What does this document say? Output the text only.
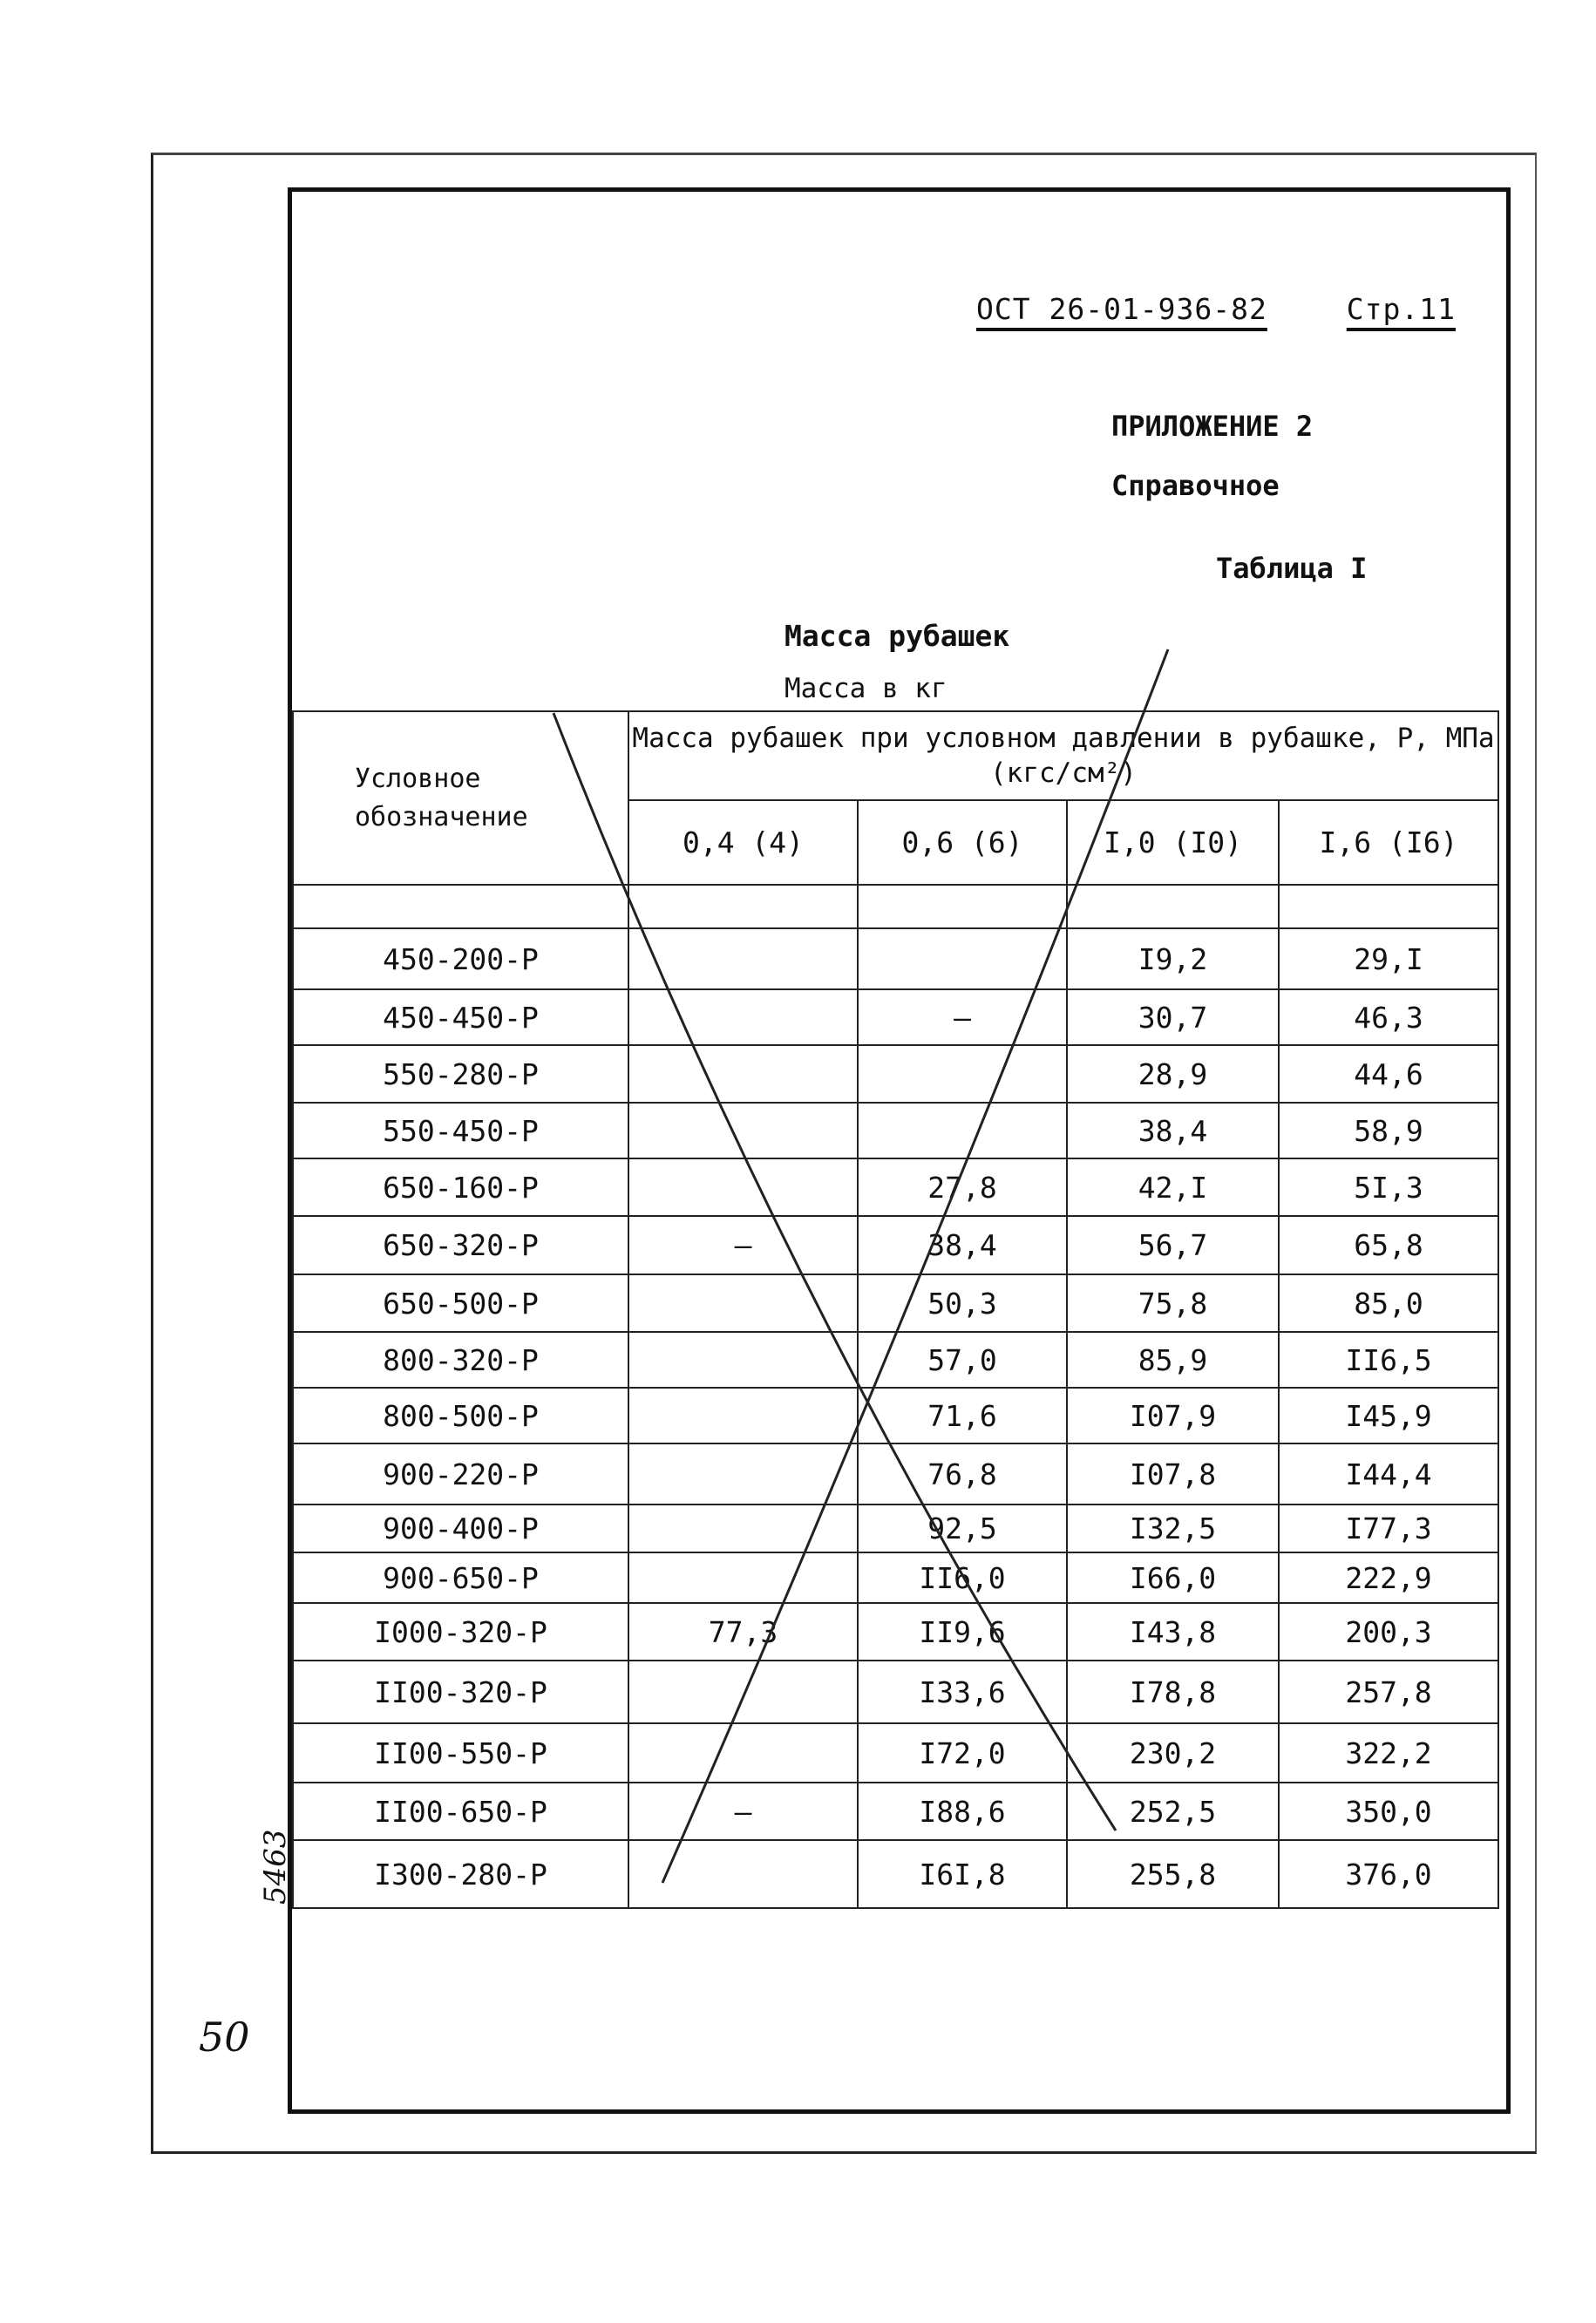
ОСТ 26-01-936-82	Стр.11
ПРИЛОЖЕНИЕ 2
Справочное
Таблица I
Масса рубашек
Масса в кг
Условное обозначение	Масса рубашек при условном давлении в рубашке, Р, МПа (кгс/см²)			
	0,4 (4)	0,6 (6)	I,0 (I0)	I,6 (I6)

450-200-Р			I9,2	29,I
450-450-Р		—	30,7	46,3
550-280-Р			28,9	44,6
550-450-Р			38,4	58,9
650-160-Р		27,8	42,I	5I,3
650-320-Р	—	38,4	56,7	65,8
650-500-Р		50,3	75,8	85,0
800-320-Р		57,0	85,9	II6,5
800-500-Р		71,6	I07,9	I45,9
900-220-Р		76,8	I07,8	I44,4
900-400-Р		92,5	I32,5	I77,3
900-650-Р		II6,0	I66,0	222,9
I000-320-Р	77,3	II9,6	I43,8	200,3
II00-320-Р		I33,6	I78,8	257,8
II00-550-Р		I72,0	230,2	322,2
II00-650-Р	—	I88,6	252,5	350,0
I300-280-Р		I6I,8	255,8	376,0
5463
50
